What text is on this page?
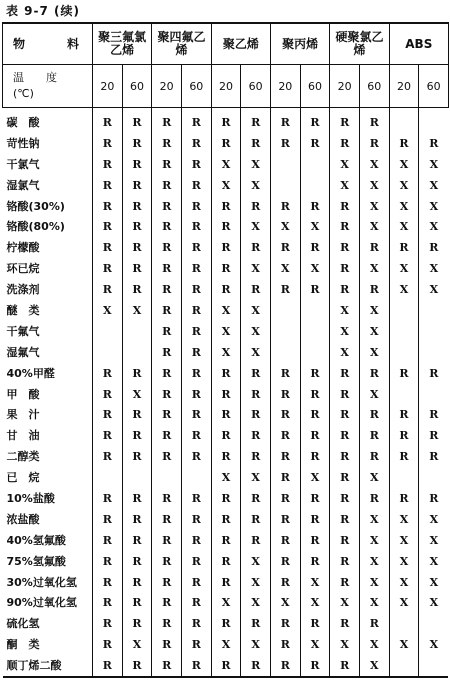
表 9-7 (续)
物　　料	聚三氟氯乙烯		聚四氟乙　烯		聚乙烯		聚丙烯		硬聚氯乙　烯		ABS	
温　　度
(℃)	20	60	20	60	20	60	20	60	20	60	20	60
碳　酸	R	R	R	R	R	R	R	R	R	R		
苛性钠	R	R	R	R	R	R	R	R	R	R	R	R
干氯气	R	R	R	R	X	X			X	X	X	X
湿氯气	R	R	R	R	X	X			X	X	X	X
铬酸(30%)	R	R	R	R	R	R	R	R	R	X	X	X
铬酸(80%)	R	R	R	R	R	X	X	X	R	X	X	X
柠檬酸	R	R	R	R	R	R	R	R	R	R	R	R
环已烷	R	R	R	R	R	X	X	X	R	X	X	X
洗涤剂	R	R	R	R	R	R	R	R	R	R	X	X
醚　类	X	X	R	R	X	X			X	X		
干氟气			R	R	X	X			X	X		
湿氟气			R	R	X	X			X	X		
40%甲醛	R	R	R	R	R	R	R	R	R	R	R	R
甲　酸	R	X	R	R	R	R	R	R	R	X		
果　汁	R	R	R	R	R	R	R	R	R	R	R	R
甘　油	R	R	R	R	R	R	R	R	R	R	R	R
二醇类	R	R	R	R	R	R	R	R	R	R	R	R
已　烷					X	X	R	X	R	X		
10%盐酸	R	R	R	R	R	R	R	R	R	R	R	R
浓盐酸	R	R	R	R	R	R	R	R	R	X	X	X
40%氢氟酸	R	R	R	R	R	R	R	R	R	X	X	X
75%氢氟酸	R	R	R	R	R	X	R	R	R	X	X	X
30%过氧化氢	R	R	R	R	R	X	R	X	R	X	X	X
90%过氧化氢	R	R	R	R	X	X	X	X	X	X	X	X
硫化氢	R	R	R	R	R	R	R	R	R	R		
酮　类	R	X	R	R	X	X	R	X	X	X	X	X
顺丁烯二酸	R	R	R	R	R	R	R	R	R	X		
